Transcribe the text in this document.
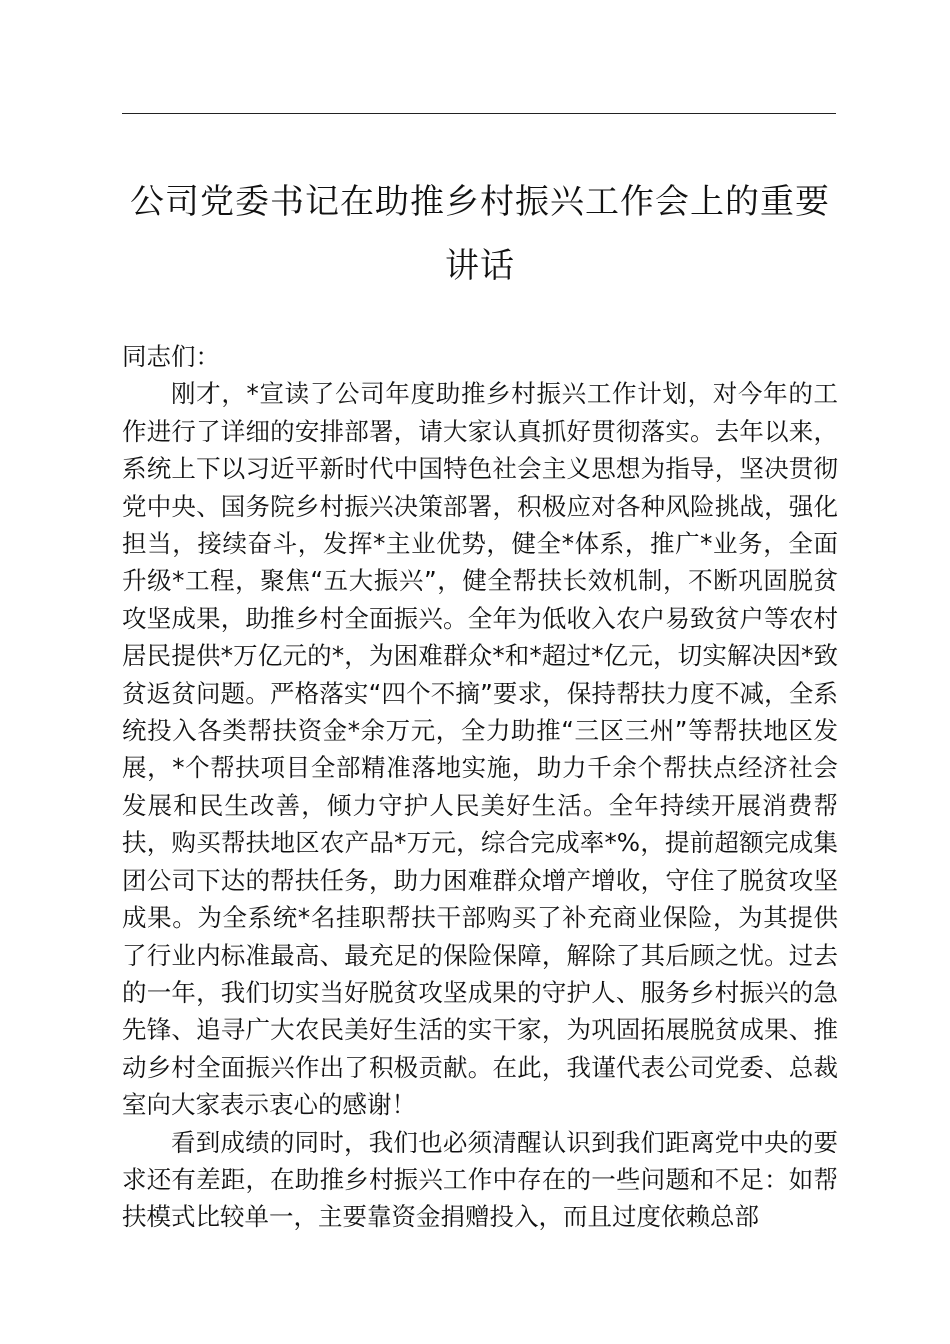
公司党委书记在助推乡村振兴工作会上的重要
讲话

同志们：

刚才，*宣读了公司年度助推乡村振兴工作计划，对今年的工作进行了详细的安排部署，请大家认真抓好贯彻落实。去年以来，系统上下以习近平新时代中国特色社会主义思想为指导，坚决贯彻党中央、国务院乡村振兴决策部署，积极应对各种风险挑战，强化担当，接续奋斗，发挥*主业优势，健全*体系，推广*业务，全面升级*工程，聚焦“五大振兴”，健全帮扶长效机制，不断巩固脱贫攻坚成果，助推乡村全面振兴。全年为低收入农户易致贫户等农村居民提供*万亿元的*，为困难群众*和*超过*亿元，切实解决因*致贫返贫问题。严格落实“四个不摘”要求，保持帮扶力度不减，全系统投入各类帮扶资金*余万元，全力助推“三区三州”等帮扶地区发展，*个帮扶项目全部精准落地实施，助力千余个帮扶点经济社会发展和民生改善，倾力守护人民美好生活。全年持续开展消费帮扶，购买帮扶地区农产品*万元，综合完成率*%，提前超额完成集团公司下达的帮扶任务，助力困难群众增产增收，守住了脱贫攻坚成果。为全系统*名挂职帮扶干部购买了补充商业保险，为其提供了行业内标准最高、最充足的保险保障，解除了其后顾之忧。过去的一年，我们切实当好脱贫攻坚成果的守护人、服务乡村振兴的急先锋、追寻广大农民美好生活的实干家，为巩固拓展脱贫成果、推动乡村全面振兴作出了积极贡献。在此，我谨代表公司党委、总裁室向大家表示衷心的感谢！

看到成绩的同时，我们也必须清醒认识到我们距离党中央的要求还有差距，在助推乡村振兴工作中存在的一些问题和不足：如帮扶模式比较单一，主要靠资金捐赠投入，而且过度依赖总部
